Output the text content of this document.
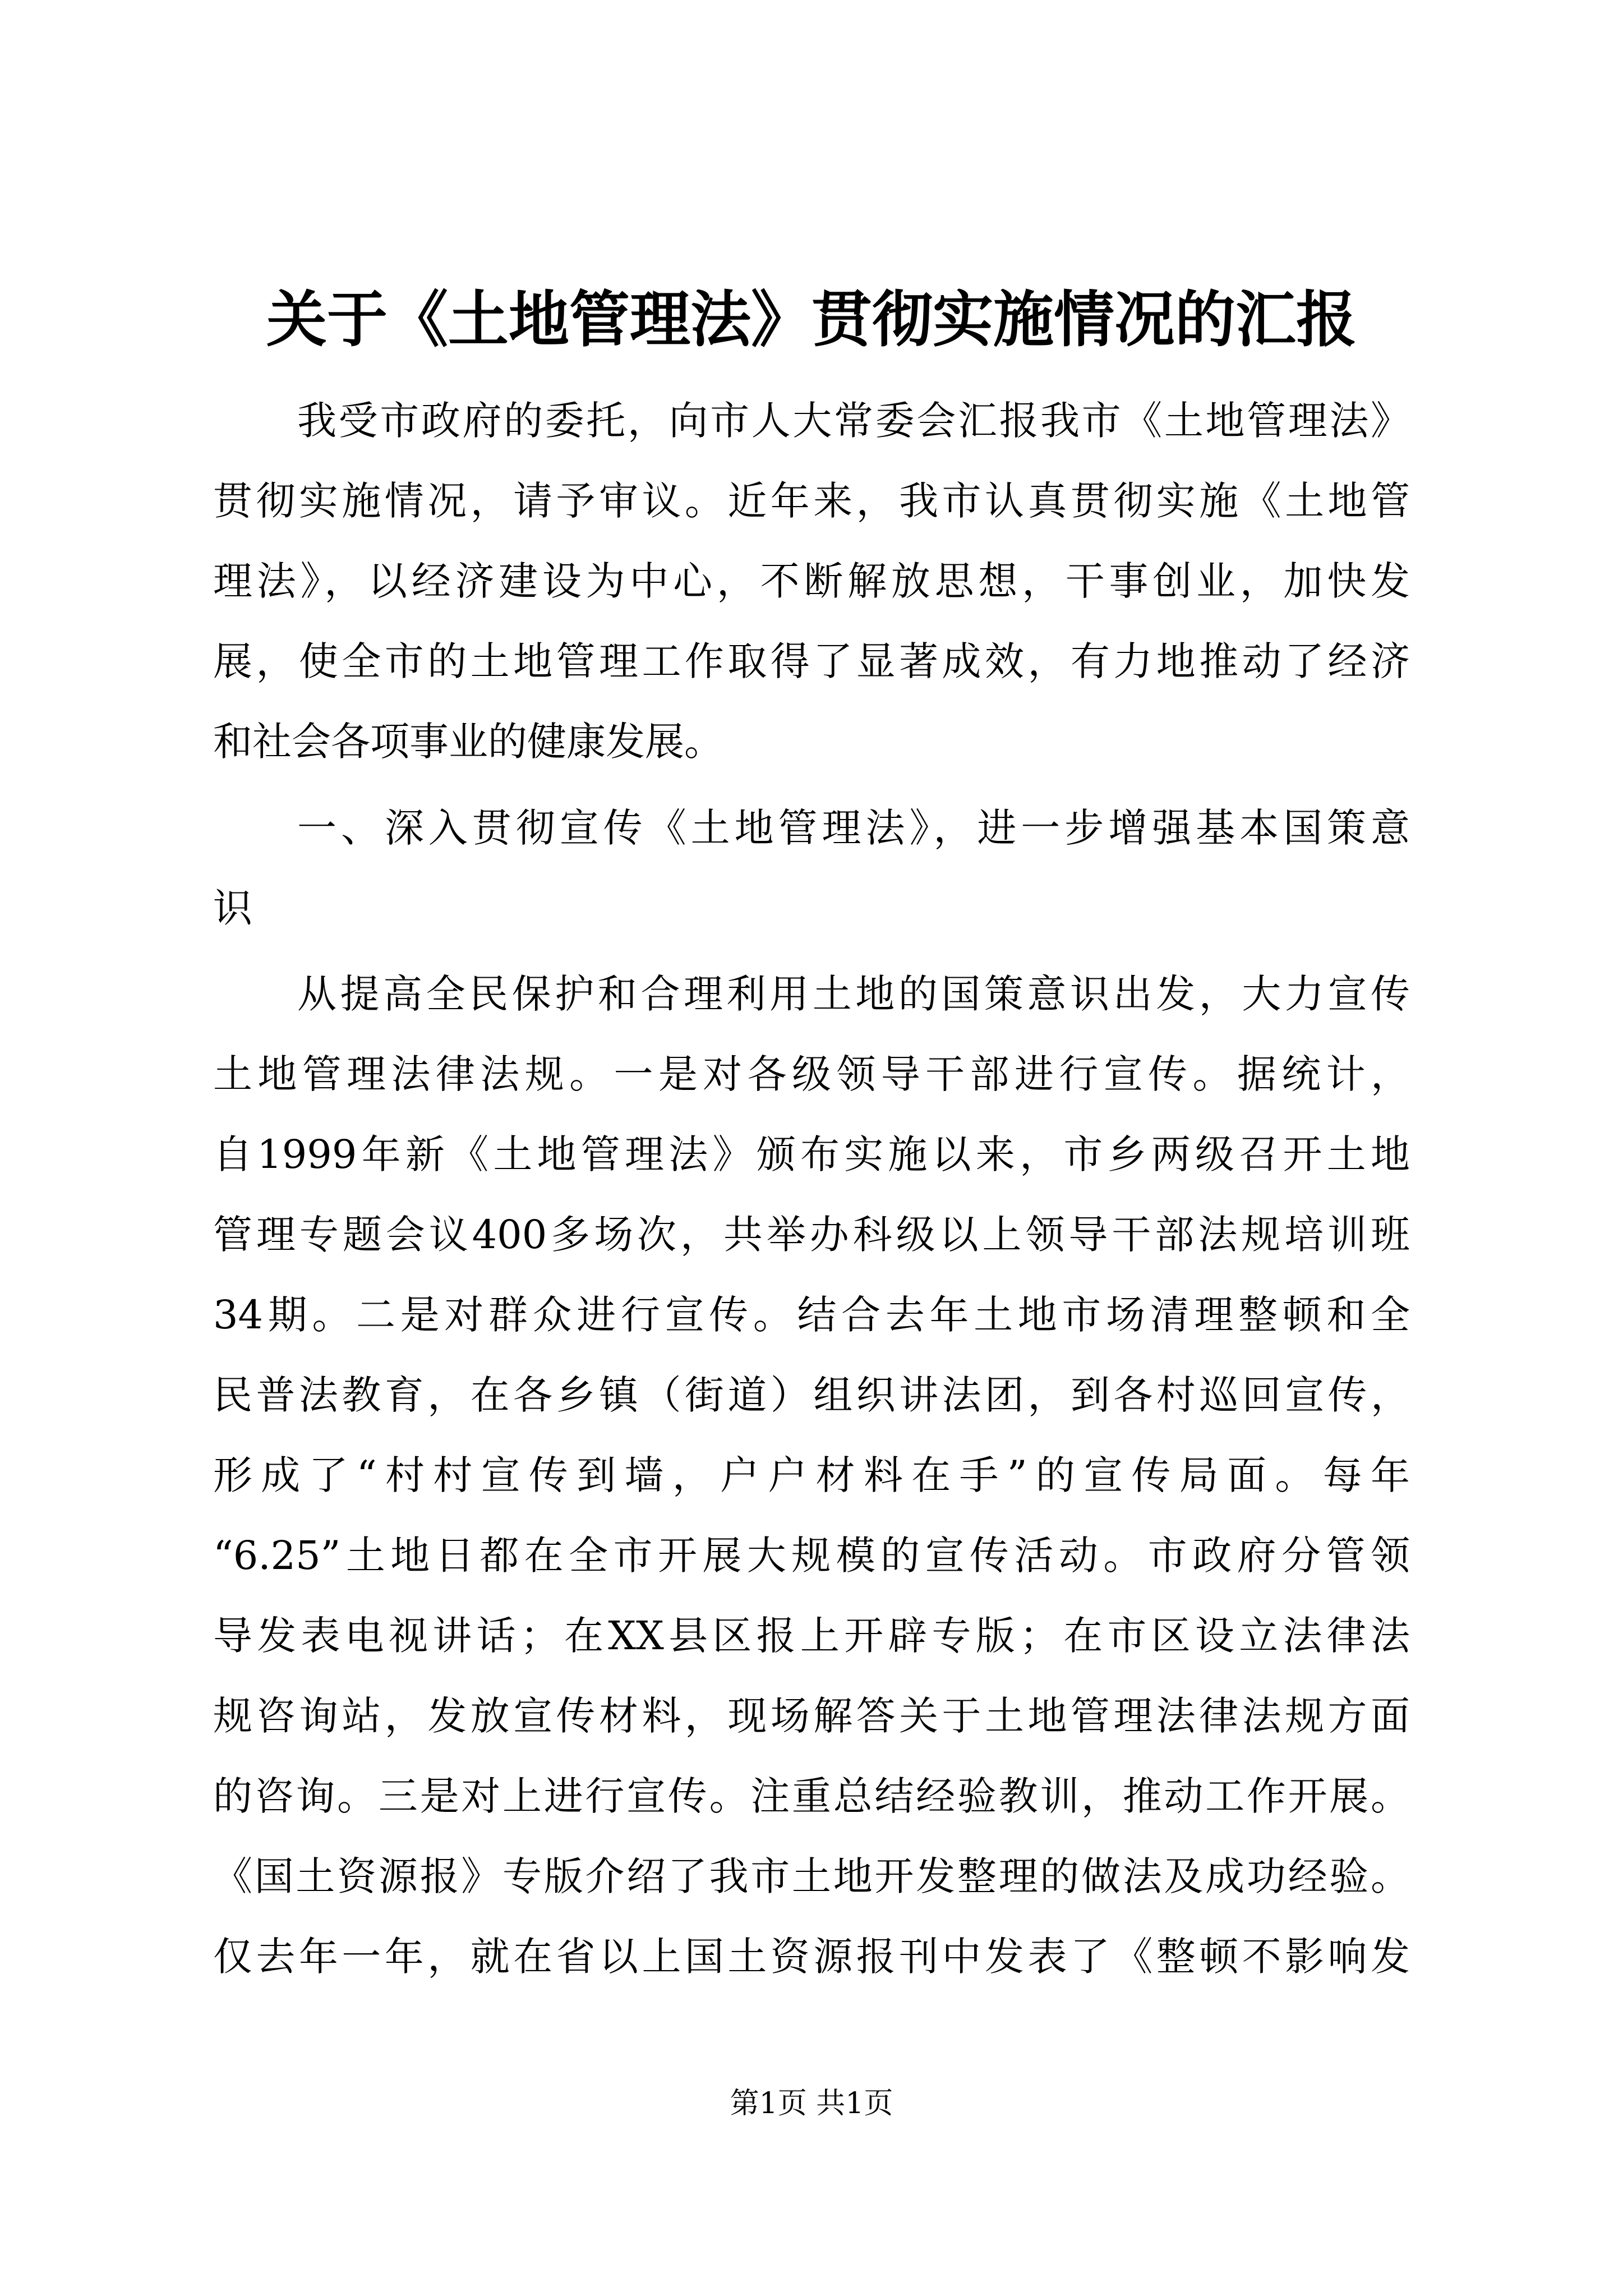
关于《土地管理法》贯彻实施情况的汇报
我受市政府的委托，向市人大常委会汇报我市《土地管理法》
贯彻实施情况，请予审议。近年来，我市认真贯彻实施《土地管
理法》，以经济建设为中心，不断解放思想，干事创业，加快发
展，使全市的土地管理工作取得了显著成效，有力地推动了经济
和社会各项事业的健康发展。
一、深入贯彻宣传《土地管理法》，进一步增强基本国策意
识
从提高全民保护和合理利用土地的国策意识出发，大力宣传
土地管理法律法规。一是对各级领导干部进行宣传。据统计，
自1999年新《土地管理法》颁布实施以来，市乡两级召开土地
管理专题会议400多场次，共举办科级以上领导干部法规培训班
34期。二是对群众进行宣传。结合去年土地市场清理整顿和全
民普法教育，在各乡镇（街道）组织讲法团，到各村巡回宣传，
形成了“村村宣传到墙，户户材料在手”的宣传局面。每年
“6.25”土地日都在全市开展大规模的宣传活动。市政府分管领
导发表电视讲话；在XX县区报上开辟专版；在市区设立法律法
规咨询站，发放宣传材料，现场解答关于土地管理法律法规方面
的咨询。三是对上进行宣传。注重总结经验教训，推动工作开展。
《国土资源报》专版介绍了我市土地开发整理的做法及成功经验。
仅去年一年，就在省以上国土资源报刊中发表了《整顿不影响发
第1页 共1页
